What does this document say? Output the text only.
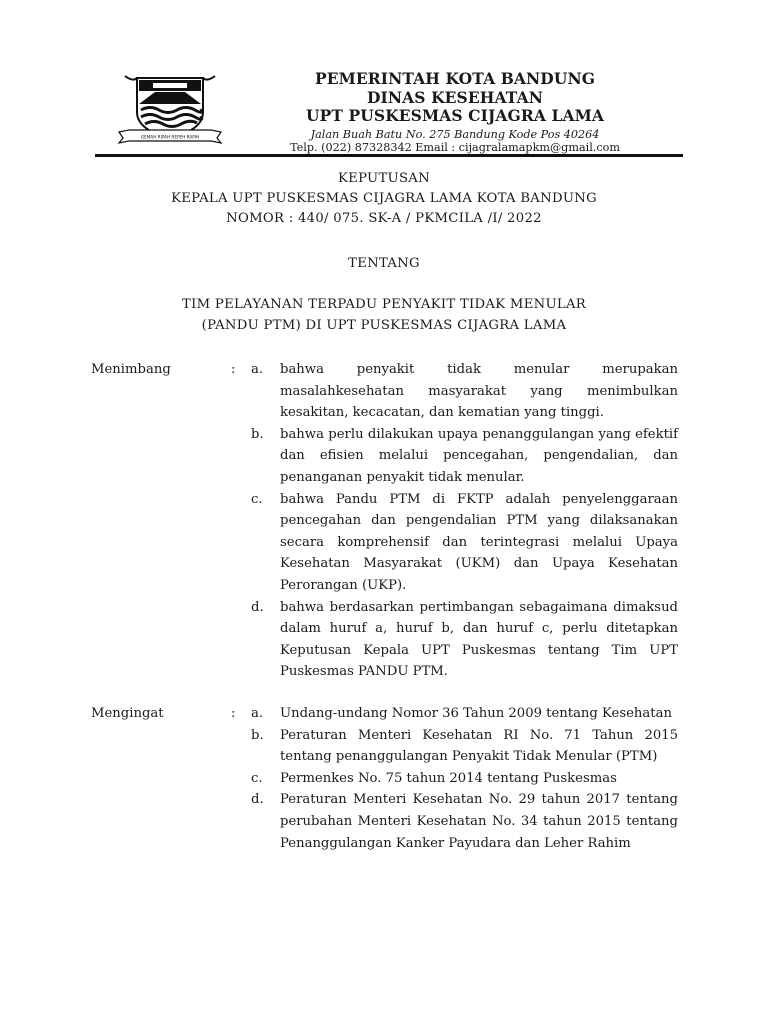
GEMAH RIPAH REPEH RAPIH
PEMERINTAH KOTA BANDUNG
DINAS KESEHATAN
UPT PUSKESMAS CIJAGRA LAMA
Jalan Buah Batu No. 275 Bandung Kode Pos 40264
Telp. (022) 87328342 Email : cijagralamapkm@gmail.com
KEPUTUSAN
KEPALA UPT PUSKESMAS CIJAGRA LAMA KOTA BANDUNG
NOMOR : 440/ 075. SK-A / PKMCILA /I/ 2022
TENTANG
TIM PELAYANAN TERPADU PENYAKIT TIDAK MENULAR
(PANDU PTM) DI UPT PUSKESMAS CIJAGRA LAMA
Menimbang	: a. bahwa penyakit tidak menular merupakan masalahkesehatan masyarakat yang menimbulkan kesakitan, kecacatan, dan kematian yang tinggi.
b. bahwa perlu dilakukan upaya penanggulangan yang efektif dan efisien melalui pencegahan, pengendalian, dan penanganan penyakit tidak menular.
c. bahwa Pandu PTM di FKTP adalah penyelenggaraan pencegahan dan pengendalian PTM yang dilaksanakan secara komprehensif dan terintegrasi melalui Upaya Kesehatan Masyarakat (UKM) dan Upaya Kesehatan Perorangan (UKP).
d. bahwa berdasarkan pertimbangan sebagaimana dimaksud dalam huruf a, huruf b, dan huruf c, perlu ditetapkan Keputusan Kepala UPT Puskesmas tentang Tim UPT Puskesmas PANDU PTM.
Mengingat	: a. Undang-undang Nomor 36 Tahun 2009 tentang Kesehatan
b. Peraturan Menteri Kesehatan RI No. 71 Tahun 2015 tentang penanggulangan Penyakit Tidak Menular (PTM)
c. Permenkes No. 75 tahun 2014 tentang Puskesmas
d. Peraturan Menteri Kesehatan No. 29 tahun 2017 tentang perubahan Menteri Kesehatan No. 34 tahun 2015 tentang Penanggulangan Kanker Payudara dan Leher Rahim
